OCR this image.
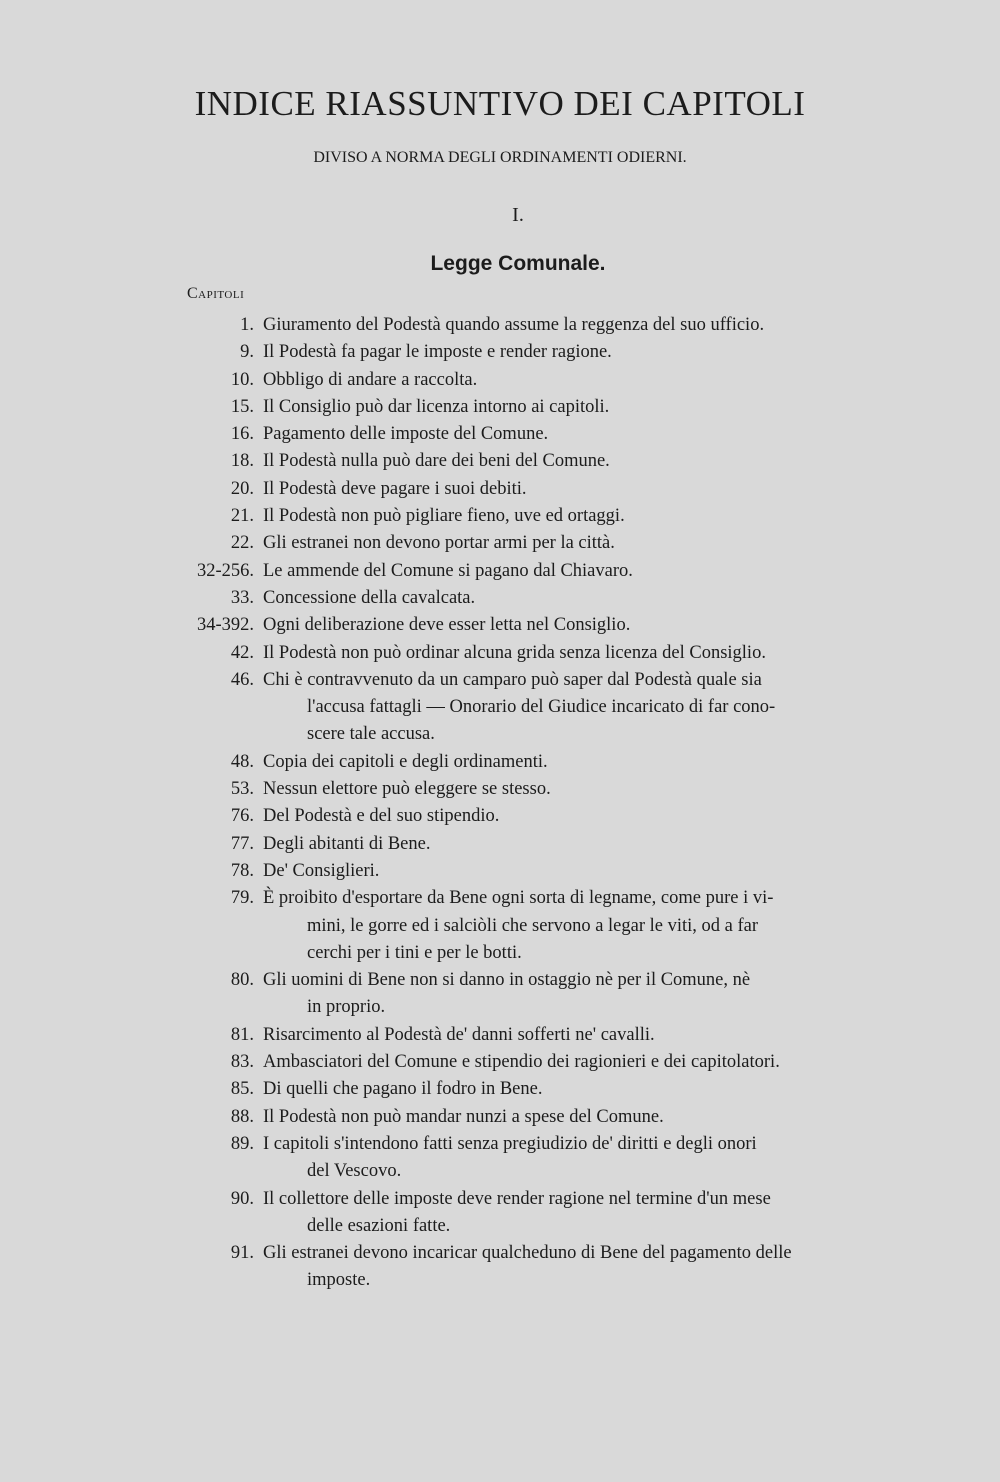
INDICE RIASSUNTIVO DEI CAPITOLI
DIVISO A NORMA DEGLI ORDINAMENTI ODIERNI.
I.
Legge Comunale.
Capitoli
1. Giuramento del Podestà quando assume la reggenza del suo ufficio.
9. Il Podestà fa pagar le imposte e render ragione.
10. Obbligo di andare a raccolta.
15. Il Consiglio può dar licenza intorno ai capitoli.
16. Pagamento delle imposte del Comune.
18. Il Podestà nulla può dare dei beni del Comune.
20. Il Podestà deve pagare i suoi debiti.
21. Il Podestà non può pigliare fieno, uve ed ortaggi.
22. Gli estranei non devono portar armi per la città.
32-256. Le ammende del Comune si pagano dal Chiavaro.
33. Concessione della cavalcata.
34-392. Ogni deliberazione deve esser letta nel Consiglio.
42. Il Podestà non può ordinar alcuna grida senza licenza del Consiglio.
46. Chi è contravvenuto da un camparo può saper dal Podestà quale sia
l'accusa fattagli — Onorario del Giudice incaricato di far cono-
scere tale accusa.
48. Copia dei capitoli e degli ordinamenti.
53. Nessun elettore può eleggere se stesso.
76. Del Podestà e del suo stipendio.
77. Degli abitanti di Bene.
78. De' Consiglieri.
79. È proibito d'esportare da Bene ogni sorta di legname, come pure i vi-
mini, le gorre ed i salciòli che servono a legar le viti, od a far
cerchi per i tini e per le botti.
80. Gli uomini di Bene non si danno in ostaggio nè per il Comune, nè
in proprio.
81. Risarcimento al Podestà de' danni sofferti ne' cavalli.
83. Ambasciatori del Comune e stipendio dei ragionieri e dei capitolatori.
85. Di quelli che pagano il fodro in Bene.
88. Il Podestà non può mandar nunzi a spese del Comune.
89. I capitoli s'intendono fatti senza pregiudizio de' diritti e degli onori
del Vescovo.
90. Il collettore delle imposte deve render ragione nel termine d'un mese
delle esazioni fatte.
91. Gli estranei devono incaricar qualcheduno di Bene del pagamento delle
imposte.
